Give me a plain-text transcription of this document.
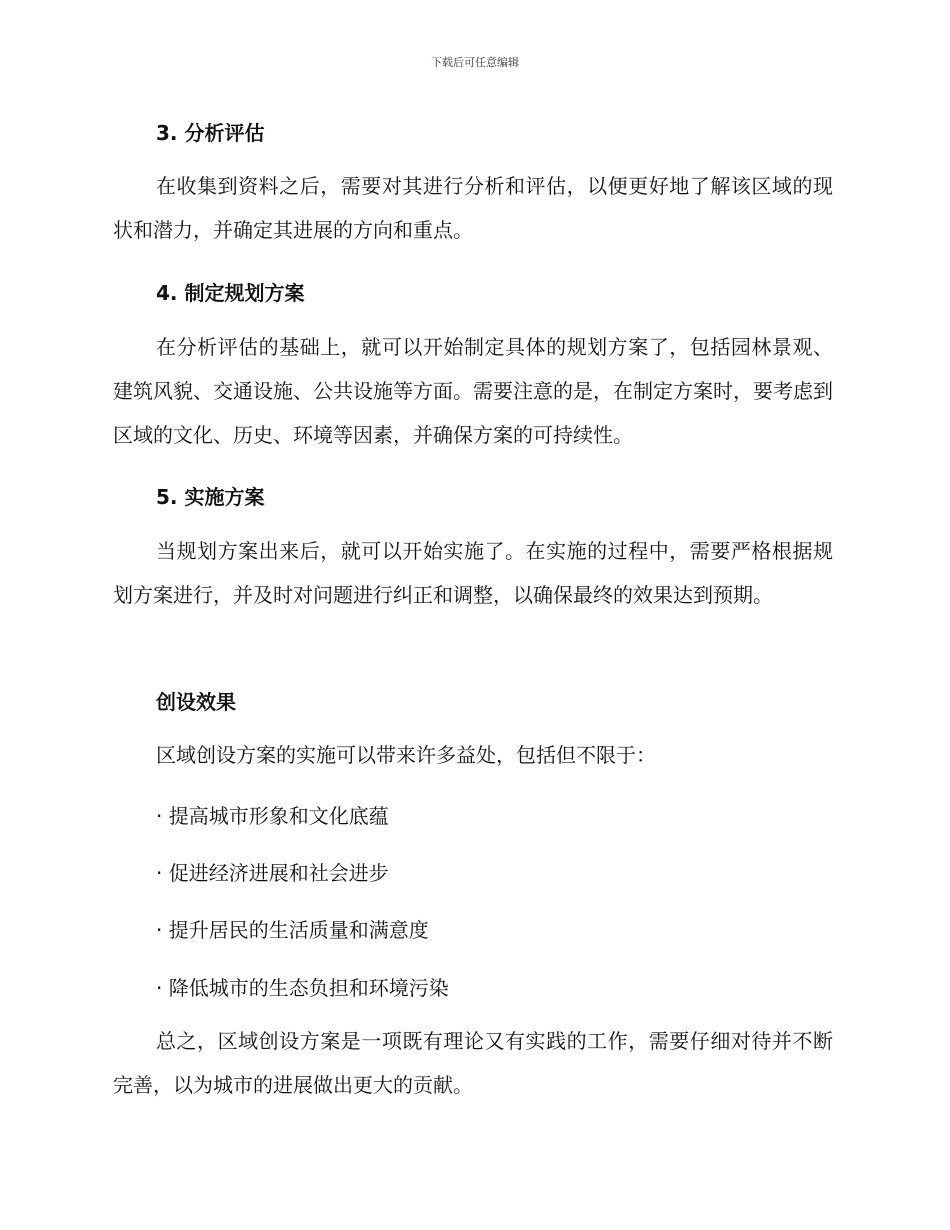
下载后可任意编辑
3. 分析评估
在收集到资料之后，需要对其进行分析和评估，以便更好地了解该区域的现状和潜力，并确定其进展的方向和重点。
4. 制定规划方案
在分析评估的基础上，就可以开始制定具体的规划方案了，包括园林景观、建筑风貌、交通设施、公共设施等方面。需要注意的是，在制定方案时，要考虑到区域的文化、历史、环境等因素，并确保方案的可持续性。
5. 实施方案
当规划方案出来后，就可以开始实施了。在实施的过程中，需要严格根据规划方案进行，并及时对问题进行纠正和调整，以确保最终的效果达到预期。
创设效果
区域创设方案的实施可以带来许多益处，包括但不限于：
· 提高城市形象和文化底蕴
· 促进经济进展和社会进步
· 提升居民的生活质量和满意度
· 降低城市的生态负担和环境污染
总之，区域创设方案是一项既有理论又有实践的工作，需要仔细对待并不断完善，以为城市的进展做出更大的贡献。
